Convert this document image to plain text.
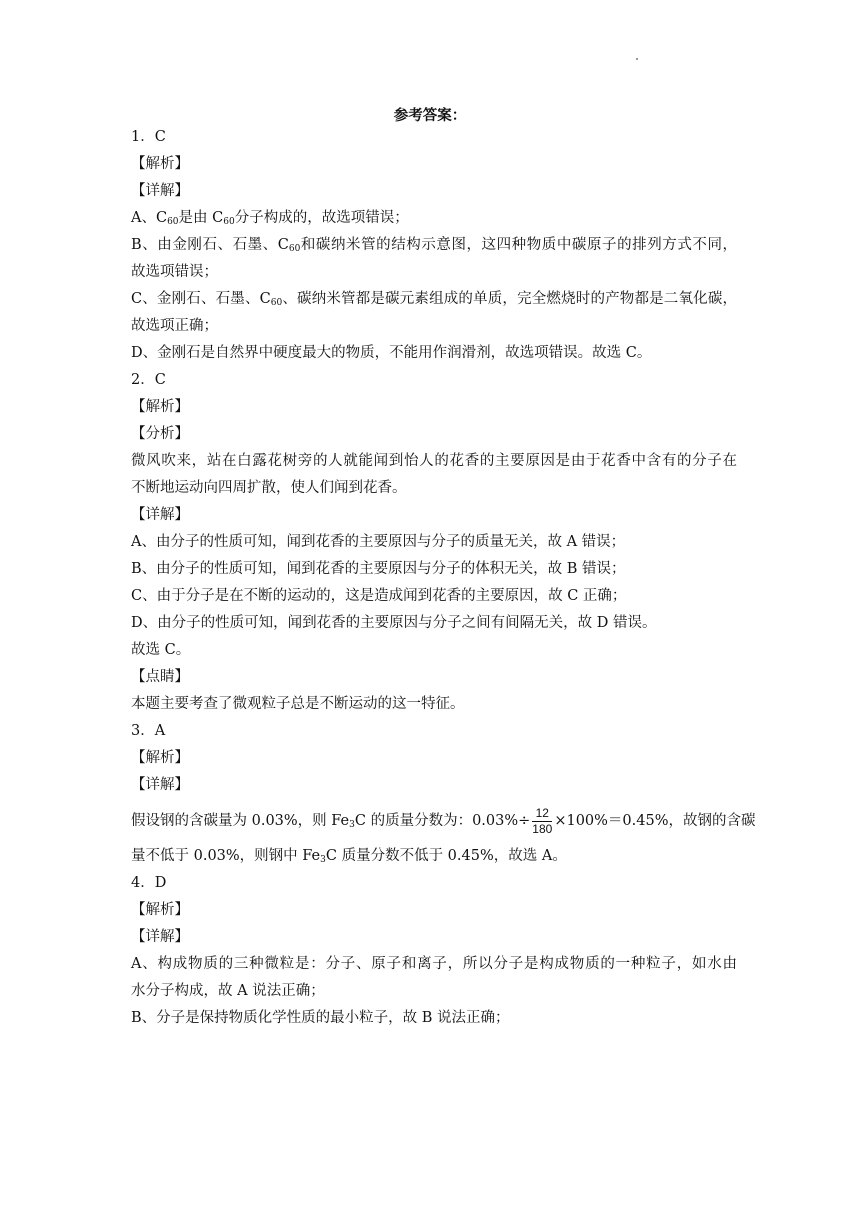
参考答案：
1．C
【解析】
【详解】
A、$C_{60}$是由 $C_{60}$分子构成的，故选项错误；
B、由金刚石、石墨、$C_{60}$和碳纳米管的结构示意图，这四种物质中碳原子的排列方式不同，
故选项错误；
C、金刚石、石墨、$C_{60}$、碳纳米管都是碳元素组成的单质，完全燃烧时的产物都是二氧化碳，
故选项正确；
D、金刚石是自然界中硬度最大的物质，不能用作润滑剂，故选项错误。故选 C。
2．C
【解析】
【分析】
微风吹来，站在白露花树旁的人就能闻到怡人的花香的主要原因是由于花香中含有的分子在
不断地运动向四周扩散，使人们闻到花香。
【详解】
A、由分子的性质可知，闻到花香的主要原因与分子的质量无关，故 A 错误；
B、由分子的性质可知，闻到花香的主要原因与分子的体积无关，故 B 错误；
C、由于分子是在不断的运动的，这是造成闻到花香的主要原因，故 C 正确；
D、由分子的性质可知，闻到花香的主要原因与分子之间有间隔无关，故 D 错误。
故选 C。
【点睛】
本题主要考查了微观粒子总是不断运动的这一特征。
3．A
【解析】
【详解】
假设钢的含碳量为 0.03%，则 $Fe_3C$ 的质量分数为：$0.03\%\div \frac{12}{180} \times 100\%=0.45\%$，故钢的含碳
量不低于 0.03%，则钢中 $Fe_3C$ 质量分数不低于 0.45%，故选 A。
4．D
【解析】
【详解】
A、构成物质的三种微粒是：分子、原子和离子，所以分子是构成物质的一种粒子，如水由
水分子构成，故 A 说法正确；
B、分子是保持物质化学性质的最小粒子，故 B 说法正确；
